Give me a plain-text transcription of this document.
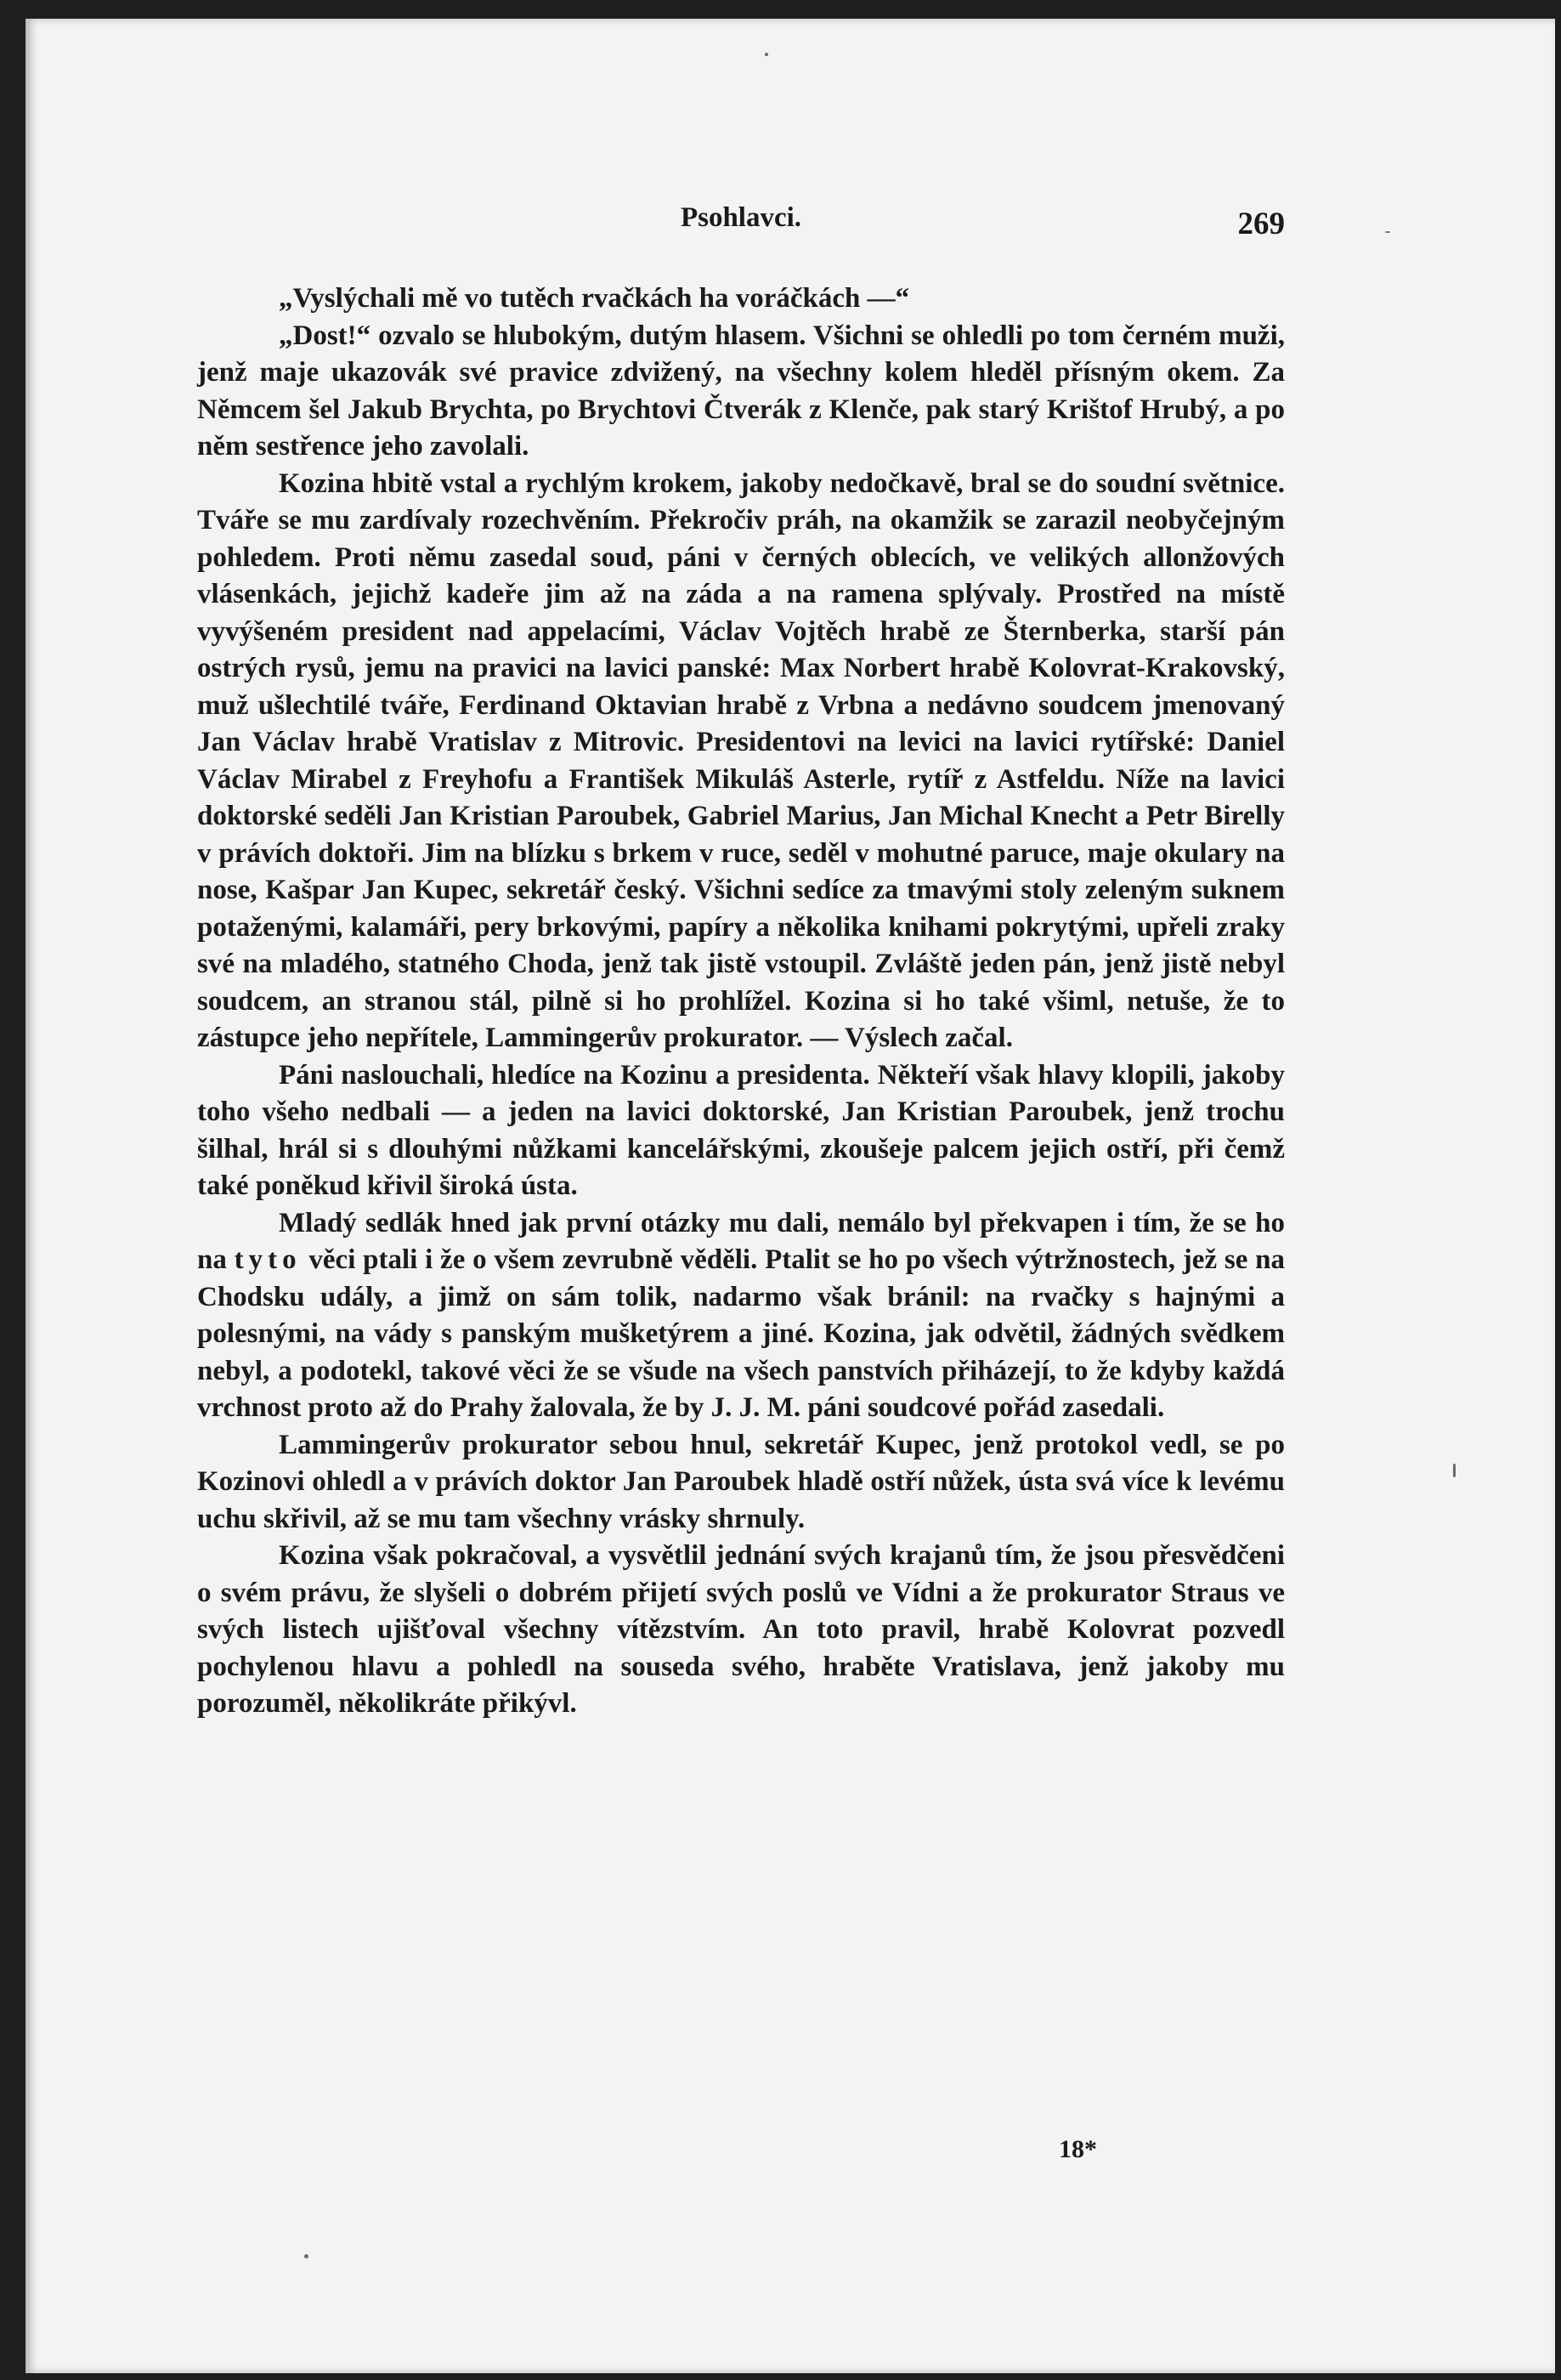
Psohlavci.	269

„Vyslýchali mě vo tutěch rvačkách ha voráčkách —“

„Dost!“ ozvalo se hlubokým, dutým hlasem. Všichni se ohledli po tom černém muži, jenž maje ukazovák své pravice zdvižený, na všechny kolem hleděl přísným okem. Za Němcem šel Jakub Brychta, po Brychtovi Čtverák z Klenče, pak starý Krištof Hrubý, a po něm sestřence jeho zavolali.

Kozina hbitě vstal a rychlým krokem, jakoby nedočkavě, bral se do soudní světnice. Tváře se mu zardívaly rozechvěním. Překročiv práh, na okamžik se zarazil neobyčejným pohledem. Proti němu zasedal soud, páni v černých oblecích, ve velikých allonžových vlásenkách, jejichž kadeře jim až na záda a na ramena splývaly. Prostřed na místě vyvýšeném president nad appelacími, Václav Vojtěch hrabě ze Šternberka, starší pán ostrých rysů, jemu na pravici na lavici panské: Max Norbert hrabě Kolovrat-Krakovský, muž ušlechtilé tváře, Ferdinand Oktavian hrabě z Vrbna a nedávno soudcem jmenovaný Jan Václav hrabě Vratislav z Mitrovic. Presidentovi na levici na lavici rytířské: Daniel Václav Mirabel z Freyhofu a František Mikuláš Asterle, rytíř z Astfeldu. Níže na lavici doktorské seděli Jan Kristian Paroubek, Gabriel Marius, Jan Michal Knecht a Petr Birelly v právích doktoři. Jim na blízku s brkem v ruce, seděl v mohutné paruce, maje okulary na nose, Kašpar Jan Kupec, sekretář český. Všichni sedíce za tmavými stoly zeleným suknem potaženými, kalamáři, pery brkovými, papíry a několika knihami pokrytými, upřeli zraky své na mladého, statného Choda, jenž tak jistě vstoupil. Zvláště jeden pán, jenž jistě nebyl soudcem, an stranou stál, pilně si ho prohlížel. Kozina si ho také všiml, netuše, že to zástupce jeho nepřítele, Lammingerův prokurator. — Výslech začal.

Páni naslouchali, hledíce na Kozinu a presidenta. Někteří však hlavy klopili, jakoby toho všeho nedbali — a jeden na lavici doktorské, Jan Kristian Paroubek, jenž trochu šilhal, hrál si s dlouhými nůžkami kancelářskými, zkoušeje palcem jejich ostří, při čemž také poněkud křivil široká ústa.

Mladý sedlák hned jak první otázky mu dali, nemálo byl překvapen i tím, že se ho na tyto věci ptali i že o všem zevrubně věděli. Ptalit se ho po všech výtržnostech, jež se na Chodsku udály, a jimž on sám tolik, nadarmo však bránil: na rvačky s hajnými a polesnými, na vády s panským mušketýrem a jiné. Kozina, jak odvětil, žádných svědkem nebyl, a podotekl, takové věci že se všude na všech panstvích přiházejí, to že kdyby každá vrchnost proto až do Prahy žalovala, že by J. J. M. páni soudcové pořád zasedali.

Lammingerův prokurator sebou hnul, sekretář Kupec, jenž protokol vedl, se po Kozinovi ohledl a v právích doktor Jan Paroubek hladě ostří nůžek, ústa svá více k levému uchu skřivil, až se mu tam všechny vrásky shrnuly.

Kozina však pokračoval, a vysvětlil jednání svých krajanů tím, že jsou přesvědčeni o svém právu, že slyšeli o dobrém přijetí svých poslů ve Vídni a že prokurator Straus ve svých listech ujišťoval všechny vítězstvím. An toto pravil, hrabě Kolovrat pozvedl pochylenou hlavu a pohledl na souseda svého, hraběte Vratislava, jenž jakoby mu porozuměl, několikráte přikývl.

18*
